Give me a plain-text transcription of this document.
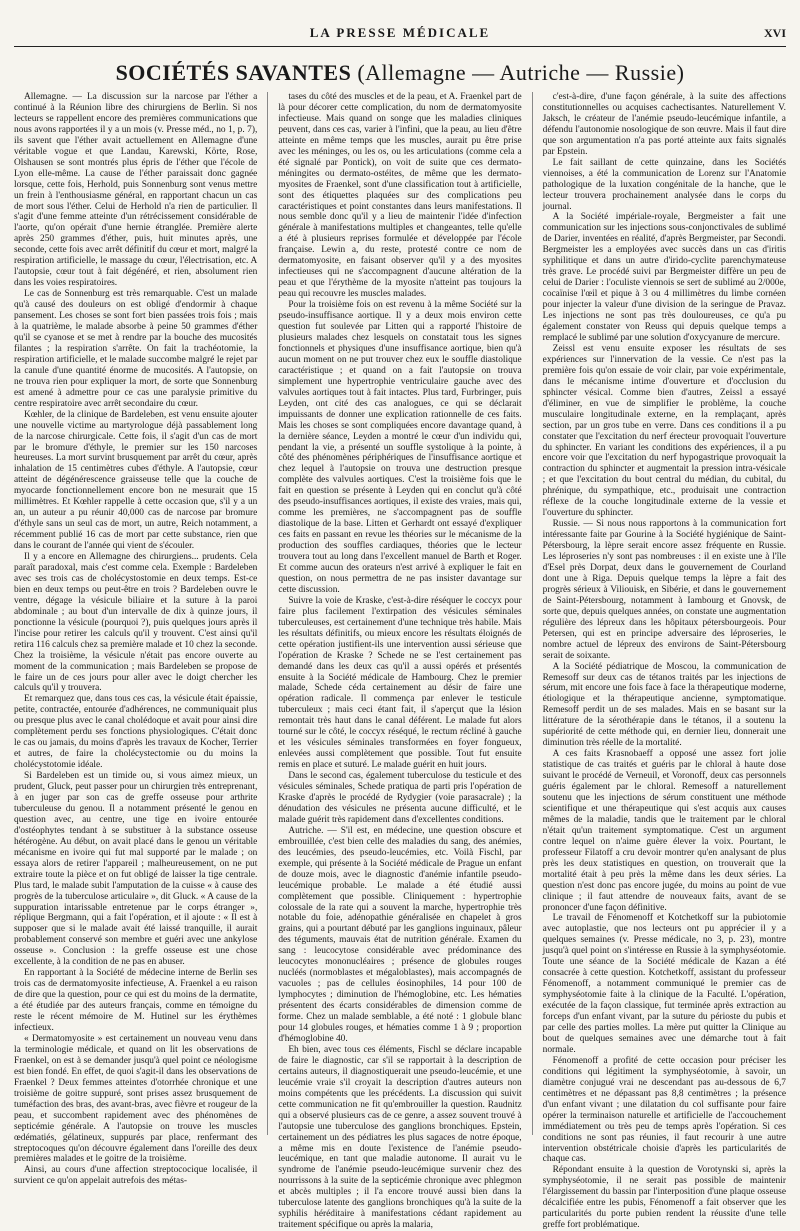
LA PRESSE MÉDICALE	XVI
SOCIÉTÉS SAVANTES (Allemagne — Autriche — Russie)

Allemagne. — La discussion sur la narcose par l'éther a continué à la Réunion libre des chirurgiens de Berlin. Si nos lecteurs se rappellent encore des premières communications que nous avons rapportées il y a un mois (v. Presse méd., no 1, p. 7), ils savent que l'éther avait actuellement en Allemagne d'une véritable vogue et que Landau, Karewski, Körte, Rose, Olshausen se sont montrés plus épris de l'éther que l'école de Lyon elle-même. La cause de l'éther paraissait donc gagnée lorsque, cette fois, Herhold, puis Sonnenburg sont venus mettre un frein à l'enthousiasme général, en rapportant chacun un cas de mort sous l'éther. Celui de Herhold n'a rien de particulier. Il s'agit d'une femme atteinte d'un rétrécissement considérable de l'aorte, qu'on opérait d'une hernie étranglée. Première alerte après 250 grammes d'éther, puis, huit minutes après, une seconde, cette fois avec arrêt définitif du cœur et mort, malgré la respiration artificielle, le massage du cœur, l'électrisation, etc. A l'autopsie, cœur tout à fait dégénéré, et rien, absolument rien dans les voies respiratoires.

Le cas de Sonnenburg est très remarquable. C'est un malade qu'à causé des douleurs on est obligé d'endormir à chaque pansement. Les choses se sont fort bien passées trois fois ; mais à la quatrième, le malade absorbe à peine 50 grammes d'éther qu'il se cyanose et se met à rendre par la bouche des mucosités filantes ; la respiration s'arrête. On fait la trachéotomie, la respiration artificielle, et le malade succombe malgré le rejet par la canule d'une quantité énorme de mucosités. A l'autopsie, on ne trouva rien pour expliquer la mort, de sorte que Sonnenburg est amené à admettre pour ce cas une paralysie primitive du centre respiratoire avec arrêt secondaire du cœur.

Kœhler, de la clinique de Bardeleben, est venu ensuite ajouter une nouvelle victime au martyrologue déjà passablement long de la narcose chirurgicale. Cette fois, il s'agit d'un cas de mort par le bromure d'éthyle, le premier sur les 150 narcoses heureuses. La mort survint brusquement par arrêt du cœur, après inhalation de 15 centimètres cubes d'éthyle. A l'autopsie, cœur atteint de dégénérescence graisseuse telle que la couche de myocarde fonctionnellement encore bon ne mesurait que 15 millimètres. Et Kœhler rappelle à cette occasion que, s'il y a un an, un auteur a pu réunir 40,000 cas de narcose par bromure d'éthyle sans un seul cas de mort, un autre, Reich notamment, a récemment publié 16 cas de mort par cette substance, rien que dans le courant de l'année qui vient de s'écouler.

Il y a encore en Allemagne des chirurgiens... prudents. Cela paraît paradoxal, mais c'est comme cela. Exemple : Bardeleben avec ses trois cas de cholécystostomie en deux temps. Est-ce bien en deux temps ou peut-être en trois ? Bardeleben ouvre le ventre, dégage la vésicule biliaire et la suture à la paroi abdominale ; au bout d'un intervalle de dix à quinze jours, il ponctionne la vésicule (pourquoi ?), puis quelques jours après il l'incise pour retirer les calculs qu'il y trouvent. C'est ainsi qu'il retira 116 calculs chez sa première malade et 10 chez la seconde. Chez la troisième, la vésicule n'était pas encore ouverte au moment de la communication ; mais Bardeleben se propose de le faire un de ces jours pour aller avec le doigt chercher les calculs qu'il y trouvera.

Et remarquez que, dans tous ces cas, la vésicule était épaissie, petite, contractée, entourée d'adhérences, ne communiquait plus ou presque plus avec le canal cholédoque et avait pour ainsi dire complètement perdu ses fonctions physiologiques. C'était donc le cas ou jamais, du moins d'après les travaux de Kocher, Terrier et autres, de faire la cholécystectomie ou du moins la cholécystotomie idéale.

Si Bardeleben est un timide ou, si vous aimez mieux, un prudent, Gluck, peut passer pour un chirurgien très entreprenant, à en juger par son cas de greffe osseuse pour arthrite tuberculeuse du genou. Il a notamment présenté le genou en question avec, au centre, une tige en ivoire entourée d'ostéophytes tendant à se substituer à la substance osseuse hétérogène. Au début, on avait placé dans le genou un véritable mécanisme en ivoire qui fut mal supporté par le malade ; on essaya alors de retirer l'appareil ; malheureusement, on ne put extraire toute la pièce et on fut obligé de laisser la tige centrale. Plus tard, le malade subit l'amputation de la cuisse « à cause des progrès de la tuberculose articulaire », dit Gluck. « A cause de la suppuration intarissable entretenue par le corps étranger », réplique Bergmann, qui a fait l'opération, et il ajoute : « Il est à supposer que si le malade avait été laissé tranquille, il aurait probablement conservé son membre et guéri avec une ankylose osseuse ». Conclusion : la greffe osseuse est une chose excellente, à la condition de ne pas en abuser.

En rapportant à la Société de médecine interne de Berlin ses trois cas de dermatomyosite infectieuse, A. Fraenkel a eu raison de dire que la question, pour ce qui est du moins de la dermatite, a été étudiée par des auteurs français, comme en témoigne du reste le récent mémoire de M. Hutinel sur les érythèmes infectieux.

« Dermatomyosite » est certainement un nouveau venu dans la terminologie médicale, et quand on lit les observations de Fraenkel, on est à se demander jusqu'à quel point ce néologisme est bien fondé. En effet, de quoi s'agit-il dans les observations de Fraenkel ? Deux femmes atteintes d'otorrhée chronique et une troisième de goitre suppuré, sont prises assez brusquement de tuméfaction des bras, des avant-bras, avec fièvre et rougeur de la peau, et succombent rapidement avec des phénomènes de septicémie générale. A l'autopsie on trouve les muscles œdématiés, gélatineux, suppurés par place, renfermant des streptocoques qu'on découvre également dans l'oreille des deux premières malades et le goitre de la troisième.

Ainsi, au cours d'une affection streptococique localisée, il survient ce qu'on appelait autrefois des métas-

tases du côté des muscles et de la peau, et A. Fraenkel part de là pour décorer cette complication, du nom de dermatomyosite infectieuse. Mais quand on songe que les maladies cliniques peuvent, dans ces cas, varier à l'infini, que la peau, au lieu d'être atteinte en même temps que les muscles, aurait pu être prise avec les méninges, ou les os, ou les articulations (comme cela a été signalé par Pontick), on voit de suite que ces dermato-méningites ou dermato-ostéites, de même que les dermato-myosites de Fraenkel, sont d'une classification tout à artificielle, sont des étiquettes plaquées sur des complications peu caractéristiques et point constantes dans leurs manifestations. Il nous semble donc qu'il y a lieu de maintenir l'idée d'infection générale à manifestations multiples et changeantes, telle qu'elle a été à plusieurs reprises formulée et développée par l'école française. Lewin a, du reste, protesté contre ce nom de dermatomyosite, en faisant observer qu'il y a des myosites infectieuses qui ne s'accompagnent d'aucune altération de la peau et que l'érythème de la myosite n'atteint pas toujours la peau qui recouvre les muscles malades.

Pour la troisième fois on est revenu à la même Société sur la pseudo-insuffisance aortique. Il y a deux mois environ cette question fut soulevée par Litten qui a rapporté l'histoire de plusieurs malades chez lesquels on constatait tous les signes fonctionnels et physiques d'une insuffisance aortique, bien qu'à aucun moment on ne put trouver chez eux le souffle diastolique caractéristique ; et quand on a fait l'autopsie on trouva simplement une hypertrophie ventriculaire gauche avec des valvules aortiques tout à fait intactes. Plus tard, Furbringer, puis Leyden, ont cité des cas analogues, ce qui se déclarait impuissants de donner une explication rationnelle de ces faits. Mais les choses se sont compliquées encore davantage quand, à la dernière séance, Leyden a montré le cœur d'un individu qui, pendant la vie, a présenté un souffle systolique à la pointe, à côté des phénomènes périphériques de l'insuffisance aortique et chez lequel à l'autopsie on trouva une destruction presque complète des valvules aortiques. C'est la troisième fois que le fait en question se présente à Leyden qui en conclut qu'à côté des pseudo-insuffisances aortiques, il existe des vraies, mais qui, comme les premières, ne s'accompagnent pas de souffle diastolique de la base. Litten et Gerhardt ont essayé d'expliquer ces faits en passant en revue les théories sur le mécanisme de la production des souffles cardiaques, théories que le lecteur trouvera tout au long dans l'excellent manuel de Barth et Roger. Et comme aucun des orateurs n'est arrivé à expliquer le fait en question, on nous permettra de ne pas insister davantage sur cette discussion.

Suivre la voie de Kraske, c'est-à-dire réséquer le coccyx pour faire plus facilement l'extirpation des vésicules séminales tuberculeuses, est certainement d'une technique très habile. Mais les résultats définitifs, ou mieux encore les résultats éloignés de cette opération justifient-ils une intervention aussi sérieuse que l'opération de Kraske ? Schede ne se l'est certainement pas demandé dans les deux cas qu'il a aussi opérés et présentés ensuite à la Société médicale de Hambourg. Chez le premier malade, Schede céda certainement au désir de faire une opération radicale. Il commença par enlever le testicule tuberculeux ; mais ceci étant fait, il s'aperçut que la lésion remontait très haut dans le canal déférent. Le malade fut alors tourné sur le côté, le coccyx réséqué, le rectum récliné à gauche et les vésicules séminales transformées en foyer fongueux, enlevées aussi complètement que possible. Tout fut ensuite remis en place et suturé. Le malade guérit en huit jours.

Dans le second cas, également tuberculose du testicule et des vésicules séminales, Schede pratiqua de parti pris l'opération de Kraske d'après le procédé de Rydygier (voie parasacrale) ; la dénudation des vésicules ne présenta aucune difficulté, et le malade guérit très rapidement dans d'excellentes conditions.

Autriche. — S'il est, en médecine, une question obscure et embrouillée, c'est bien celle des maladies du sang, des anémies, des leucémies, des pseudo-leucémies, etc. Voilà Fischl, par exemple, qui présente à la Société médicale de Prague un enfant de douze mois, avec le diagnostic d'anémie infantile pseudo-leucémique probable. Le malade a été étudié aussi complètement que possible. Cliniquement : hypertrophie colossale de la rate qui a souvent la marche, hypertrophie très notable du foie, adénopathie généralisée en chapelet à gros grains, qui a pourtant débuté par les ganglions inguinaux, pâleur des téguments, mauvais état de nutrition générale. Examen du sang : leucocytose considérable avec prédominance des leucocytes mononucléaires ; présence de globules rouges nucléés (normoblastes et mégaloblastes), mais accompagnés de vacuoles ; pas de cellules éosinophiles, 14 pour 100 de lymphocytes ; diminution de l'hémoglobine, etc. Les hématies présentent des écarts considérables de dimension comme de forme. Chez un malade semblable, a été noté : 1 globule blanc pour 14 globules rouges, et hématies comme 1 à 9 ; proportion d'hémoglobine 40.

Eh bien, avec tous ces éléments, Fischl se déclare incapable de faire le diagnostic, car s'il se rapportait à la description de certains auteurs, il diagnostiquerait une pseudo-leucémie, et une leucémie vraie s'il croyait la description d'autres auteurs non moins compétents que les précédents. La discussion qui suivit cette communication ne fit qu'embrouiller la question. Raudnitz qui a observé plusieurs cas de ce genre, a assez souvent trouvé à l'autopsie une tuberculose des ganglions bronchiques. Epstein, certainement un des pédiatres les plus sagaces de notre époque, a même mis en doute l'existence de l'anémie pseudo-leucémique, en tant que maladie autonome. Il aurait vu le syndrome de l'anémie pseudo-leucémique survenir chez des nourrissons à la suite de la septicémie chronique avec phlegmon et abcès multiples ; il l'a encore trouvé aussi bien dans la tuberculose latente des ganglions bronchiques qu'à la suite de la syphilis héréditaire à manifestations cédant rapidement au traitement spécifique ou après la malaria,

c'est-à-dire, d'une façon générale, à la suite des affections constitutionnelles ou acquises cachectisantes. Naturellement V. Jaksch, le créateur de l'anémie pseudo-leucémique infantile, a défendu l'autonomie nosologique de son œuvre. Mais il faut dire que son argumentation n'a pas porté atteinte aux faits signalés par Epstein.

Le fait saillant de cette quinzaine, dans les Sociétés viennoises, a été la communication de Lorenz sur l'Anatomie pathologique de la luxation congénitale de la hanche, que le lecteur trouvera prochainement analysée dans le corps du journal.

A la Société impériale-royale, Bergmeister a fait une communication sur les injections sous-conjonctivales de sublimé de Darier, inventées en réalité, d'après Bergmeister, par Secondi. Bergmeister les a employées avec succès dans un cas d'iritis syphilitique et dans un autre d'irido-cyclite parenchymateuse très grave. Le procédé suivi par Bergmeister diffère un peu de celui de Darier : l'oculiste viennois se sert de sublimé au 2/000e, cocaïnise l'œil et pique à 3 ou 4 millimètres du limbe cornéen pour injecter la valeur d'une division de la seringue de Pravaz. Les injections ne sont pas très douloureuses, ce qu'a pu également constater von Reuss qui depuis quelque temps a remplacé le sublimé par une solution d'oxycyanure de mercure.

Zeissl est venu ensuite exposer les résultats de ses expériences sur l'innervation de la vessie. Ce n'est pas la première fois qu'on essaie de voir clair, par voie expérimentale, dans le mécanisme intime d'ouverture et d'occlusion du sphincter vésical. Comme bien d'autres, Zeissl a essayé d'éliminer, en vue de simplifier le problème, la couche musculaire longitudinale externe, en la remplaçant, après section, par un gros tube en verre. Dans ces conditions il a pu constater que l'excitation du nerf érecteur provoquait l'ouverture du sphincter. En variant les conditions des expériences, il a pu encore voir que l'excitation du nerf hypogastrique provoquait la contraction du sphincter et augmentait la pression intra-vésicale ; et que l'excitation du bout central du médian, du cubital, du phrénique, du sympathique, etc., produisait une contraction réflexe de la couche longitudinale externe de la vessie et l'ouverture du sphincter.

Russie. — Si nous nous rapportons à la communication fort intéressante faite par Gourine à la Société hygiénique de Saint-Pétersbourg, la lèpre serait encore assez fréquente en Russie. Les léproseries n'y sont pas nombreuses : il en existe une à l'île d'Esel près Dorpat, deux dans le gouvernement de Courland dont une à Riga. Depuis quelque temps la lèpre a fait des progrès sérieux à Viliouisk, en Sibérie, et dans le gouvernement de Saint-Pétersbourg, notamment à Iambourg et Gnovsk, de sorte que, depuis quelques années, on constate une augmentation régulière des lépreux dans les hôpitaux pétersbourgeois. Pour Petersen, qui est en principe adversaire des léproseries, le nombre actuel de lépreux des environs de Saint-Pétersbourg serait de soixante.

A la Société pédiatrique de Moscou, la communication de Remesoff sur deux cas de tétanos traités par les injections de sérum, mit encore une fois face à face la thérapeutique moderne, étiologique et la thérapeutique ancienne, symptomatique. Remesoff perdit un de ses malades. Mais en se basant sur la littérature de la sérothérapie dans le tétanos, il a soutenu la supériorité de cette méthode qui, en dernier lieu, donnerait une diminution très réelle de la mortalité.

A ces faits Krasnobaeff a opposé une assez fort jolie statistique de cas traités et guéris par le chloral à haute dose suivant le procédé de Verneuil, et Voronoff, deux cas personnels guéris également par le chloral. Remesoff a naturellement soutenu que les injections de sérum constituent une méthode scientifique et une thérapeutique qui s'est acquis aux causes mêmes de la maladie, tandis que le traitement par le chloral n'était qu'un traitement symptomatique. C'est un argument contre lequel on n'aime guère élever la voix. Pourtant, le professeur Filatoff a cru devoir montrer qu'en analysant de plus près les deux statistiques en question, on trouverait que la mortalité était à peu près la même dans les deux séries. La question n'est donc pas encore jugée, du moins au point de vue clinique ; il faut attendre de nouveaux faits, avant de se prononcer d'une façon définitive.

Le travail de Fénomenoff et Kotchetkoff sur la pubiotomie avec autoplastie, que nos lecteurs ont pu apprécier il y a quelques semaines (v. Presse médicale, no 3, p. 23), montre jusqu'à quel point on s'intéresse en Russie à la symphyséotomie. Toute une séance de la Société médicale de Kazan a été consacrée à cette question. Kotchetkoff, assistant du professeur Fénomenoff, a notamment communiqué le premier cas de symphyséotomie faite à la clinique de la Faculté. L'opération, exécutée de la façon classique, fut terminée après extraction au forceps d'un enfant vivant, par la suture du périoste du pubis et par celle des parties molles. La mère put quitter la Clinique au bout de quelques semaines avec une démarche tout à fait normale.

Fénomenoff a profité de cette occasion pour préciser les conditions qui légitiment la symphyséotomie, à savoir, un diamètre conjugué vrai ne descendant pas au-dessous de 6,7 centimètres et ne dépassant pas 8,8 centimètres ; la présence d'un enfant vivant ; une dilatation du col suffisante pour faire opérer la terminaison naturelle et artificielle de l'accouchement immédiatement ou très peu de temps après l'opération. Si ces conditions ne sont pas réunies, il faut recourir à une autre intervention obstétricale choisie d'après les particularités de chaque cas.

Répondant ensuite à la question de Vorotynski si, après la symphyséotomie, il ne serait pas possible de maintenir l'élargissement du bassin par l'interposition d'une plaque osseuse décalcifiée entre les pubis, Fénomenoff a fait observer que les particularités du porte pubien rendent la réussite d'une telle greffe fort problématique.
